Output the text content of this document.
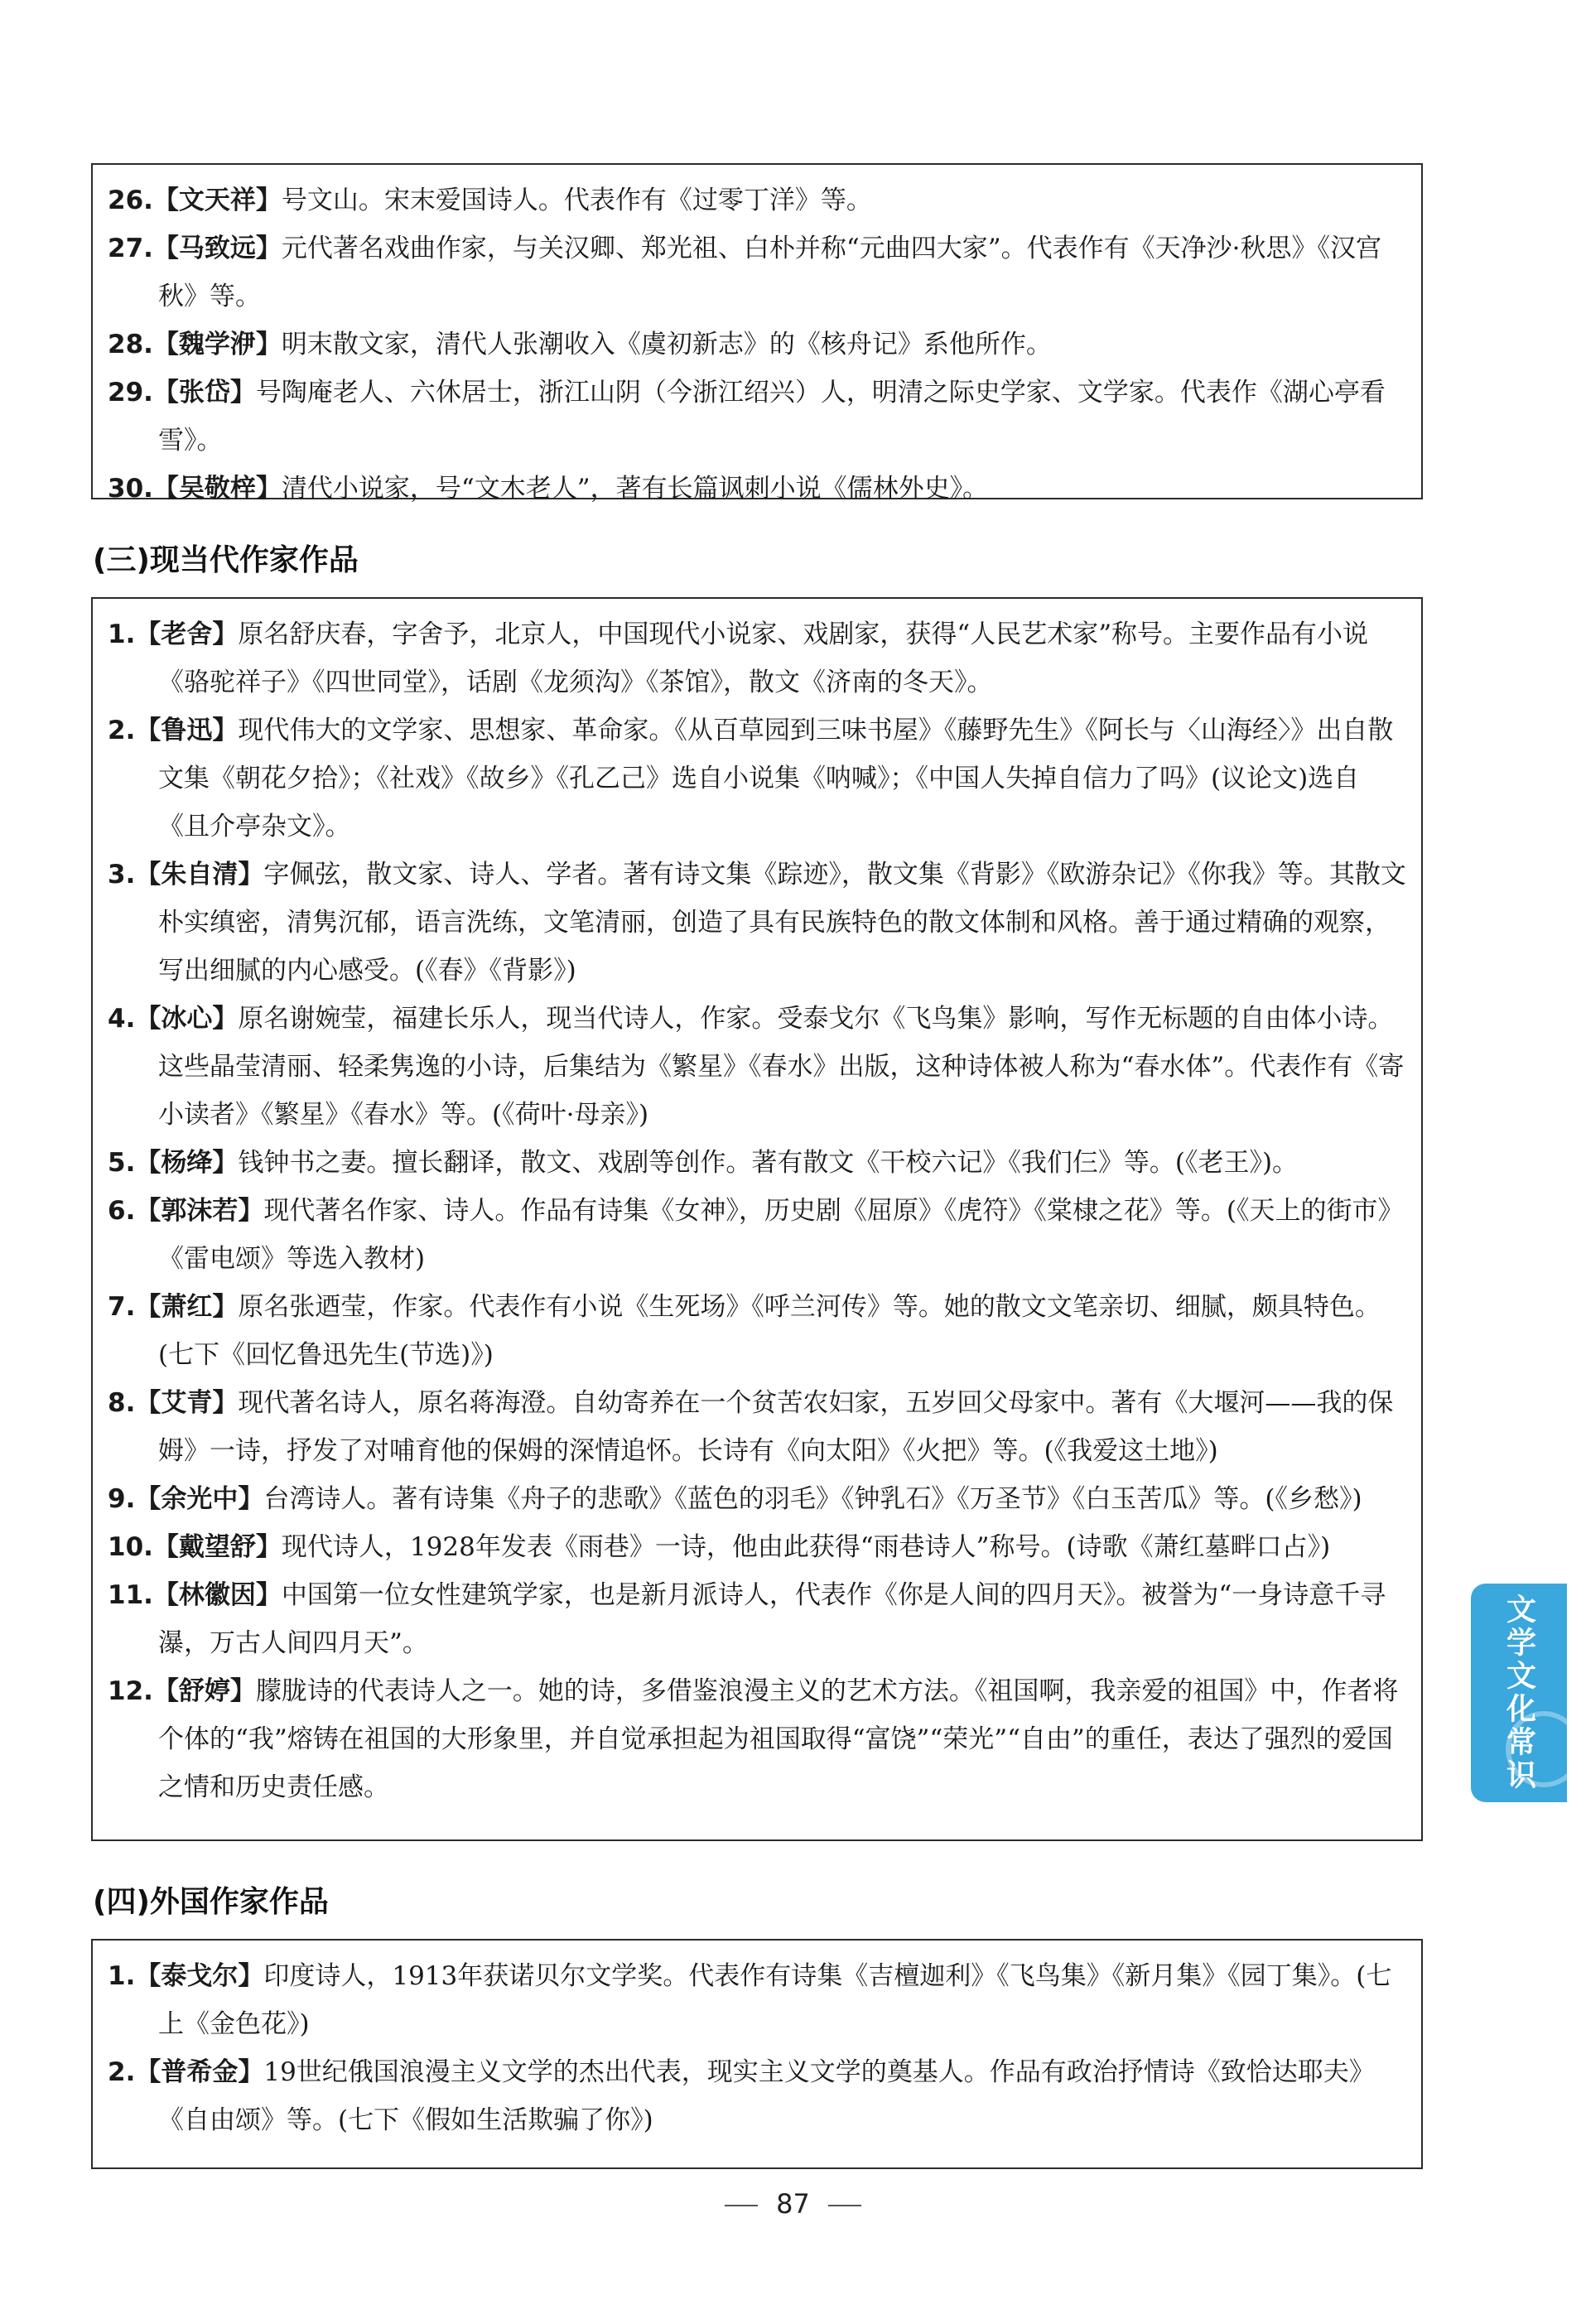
26.【文天祥】号文山。宋末爱国诗人。代表作有《过零丁洋》等。

27.【马致远】元代著名戏曲作家，与关汉卿、郑光祖、白朴并称“元曲四大家”。代表作有《天净沙·秋思》《汉宫秋》等。

28.【魏学洢】明末散文家，清代人张潮收入《虞初新志》的《核舟记》系他所作。

29.【张岱】号陶庵老人、六休居士，浙江山阴（今浙江绍兴）人，明清之际史学家、文学家。代表作《湖心亭看雪》。

30.【吴敬梓】清代小说家，号“文木老人”，著有长篇讽刺小说《儒林外史》。

(三)现当代作家作品

1.【老舍】原名舒庆春，字舍予，北京人，中国现代小说家、戏剧家，获得“人民艺术家”称号。主要作品有小说《骆驼祥子》《四世同堂》，话剧《龙须沟》《茶馆》，散文《济南的冬天》。

2.【鲁迅】现代伟大的文学家、思想家、革命家。《从百草园到三味书屋》《藤野先生》《阿长与〈山海经〉》出自散文集《朝花夕拾》；《社戏》《故乡》《孔乙己》选自小说集《呐喊》；《中国人失掉自信力了吗》(议论文)选自《且介亭杂文》。

3.【朱自清】字佩弦，散文家、诗人、学者。著有诗文集《踪迹》，散文集《背影》《欧游杂记》《你我》等。其散文朴实缜密，清隽沉郁，语言洗练，文笔清丽，创造了具有民族特色的散文体制和风格。善于通过精确的观察，写出细腻的内心感受。(《春》《背影》)

4.【冰心】原名谢婉莹，福建长乐人，现当代诗人，作家。受泰戈尔《飞鸟集》影响，写作无标题的自由体小诗。这些晶莹清丽、轻柔隽逸的小诗，后集结为《繁星》《春水》出版，这种诗体被人称为“春水体”。代表作有《寄小读者》《繁星》《春水》等。(《荷叶·母亲》)

5.【杨绛】钱钟书之妻。擅长翻译，散文、戏剧等创作。著有散文《干校六记》《我们仨》等。(《老王》)。

6.【郭沫若】现代著名作家、诗人。作品有诗集《女神》，历史剧《屈原》《虎符》《棠棣之花》等。(《天上的街市》《雷电颂》等选入教材)

7.【萧红】原名张迺莹，作家。代表作有小说《生死场》《呼兰河传》等。她的散文文笔亲切、细腻，颇具特色。(七下《回忆鲁迅先生(节选)》)

8.【艾青】现代著名诗人，原名蒋海澄。自幼寄养在一个贫苦农妇家，五岁回父母家中。著有《大堰河——我的保姆》一诗，抒发了对哺育他的保姆的深情追怀。长诗有《向太阳》《火把》等。(《我爱这土地》)

9.【余光中】台湾诗人。著有诗集《舟子的悲歌》《蓝色的羽毛》《钟乳石》《万圣节》《白玉苦瓜》等。(《乡愁》)

10.【戴望舒】现代诗人，1928年发表《雨巷》一诗，他由此获得“雨巷诗人”称号。(诗歌《萧红墓畔口占》)

11.【林徽因】中国第一位女性建筑学家，也是新月派诗人，代表作《你是人间的四月天》。被誉为“一身诗意千寻瀑，万古人间四月天”。

12.【舒婷】朦胧诗的代表诗人之一。她的诗，多借鉴浪漫主义的艺术方法。《祖国啊，我亲爱的祖国》中，作者将个体的“我”熔铸在祖国的大形象里，并自觉承担起为祖国取得“富饶”“荣光”“自由”的重任，表达了强烈的爱国之情和历史责任感。

(四)外国作家作品

1.【泰戈尔】印度诗人，1913年获诺贝尔文学奖。代表作有诗集《吉檀迦利》《飞鸟集》《新月集》《园丁集》。(七上《金色花》)

2.【普希金】19世纪俄国浪漫主义文学的杰出代表，现实主义文学的奠基人。作品有政治抒情诗《致恰达耶夫》《自由颂》等。(七下《假如生活欺骗了你》)

文学文化常识
87
